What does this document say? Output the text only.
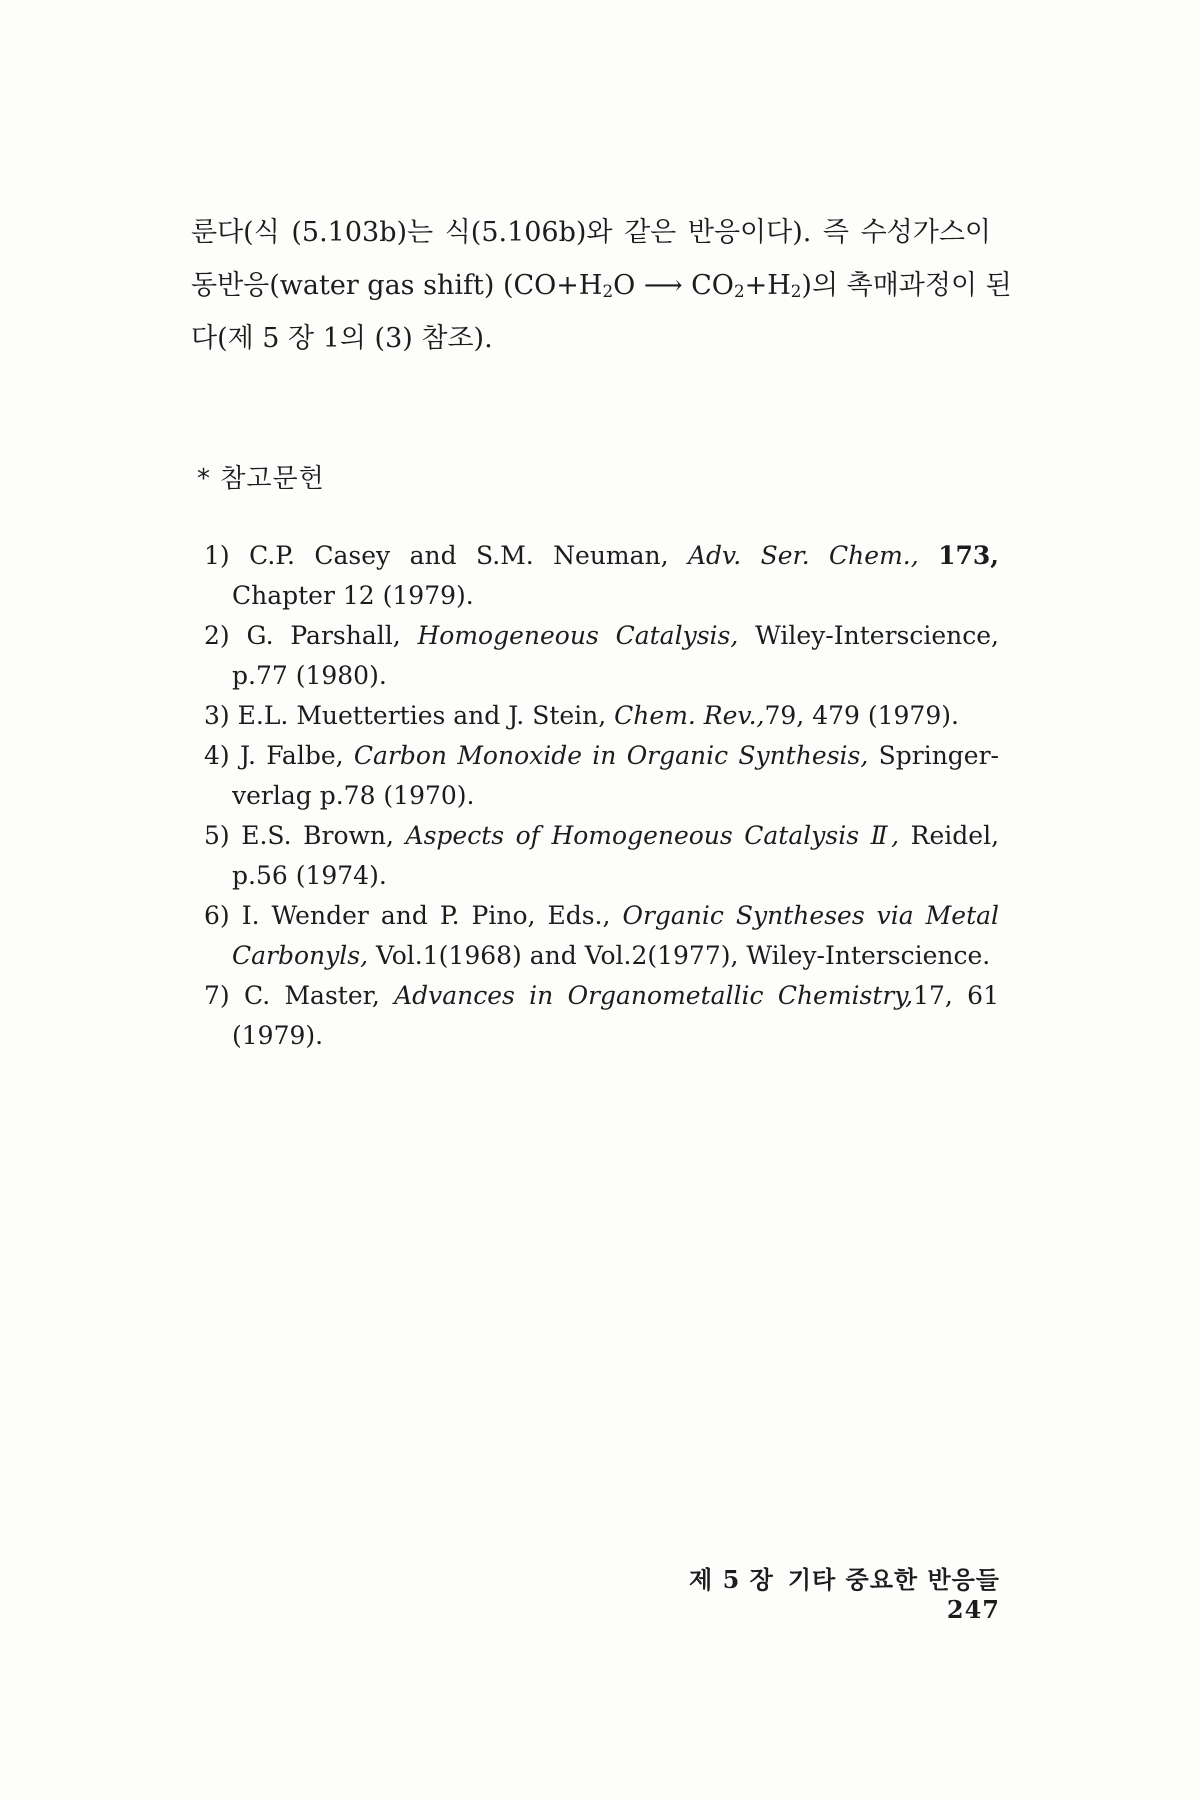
룬다(식 (5.103b)는 식(5.106b)와 같은 반응이다). 즉 수성가스이
동반응(water gas shift) ($CO+H_2O$ ⟶ $CO_2+H_2$)의 촉매과정이 된
다(제 5 장 1의 (3) 참조).
* 참고문헌
1) C.P. Casey and S.M. Neuman, Adv. Ser. Chem., 173, Chapter 12 (1979).
2) G. Parshall, Homogeneous Catalysis, Wiley-Interscience, p.77 (1980).
3) E.L. Muetterties and J. Stein, Chem. Rev.,79, 479 (1979).
4) J. Falbe, Carbon Monoxide in Organic Synthesis, Springer-verlag p.78 (1970).
5) E.S. Brown, Aspects of Homogeneous Catalysis Ⅱ, Reidel, p.56 (1974).
6) I. Wender and P. Pino, Eds., Organic Syntheses via Metal Carbonyls, Vol.1(1968) and Vol.2(1977), Wiley-Interscience.
7) C. Master, Advances in Organometallic Chemistry,17, 61 (1979).
제 5 장 기타 중요한 반응들247
